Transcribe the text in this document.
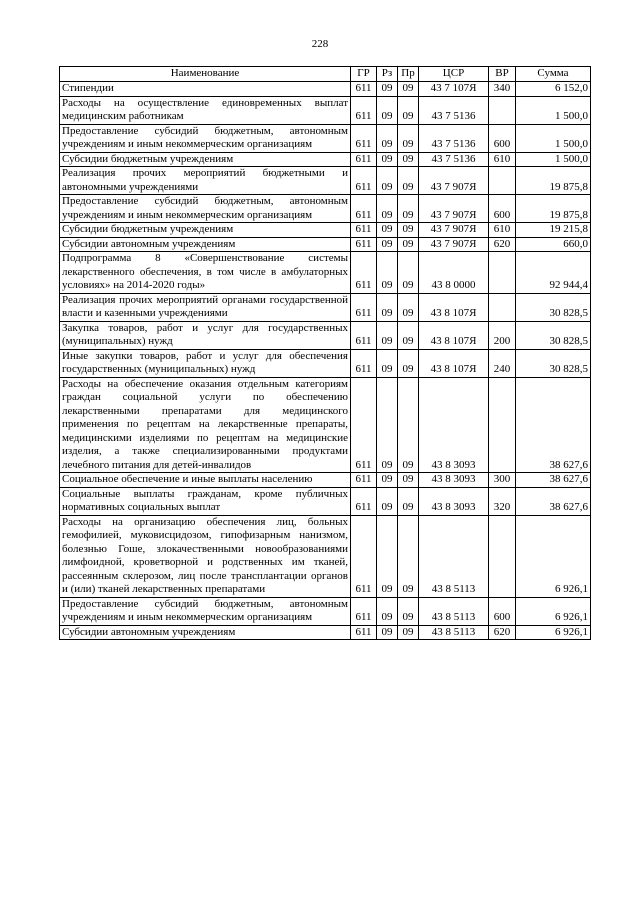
228
Наименование	ГР	Рз	Пр	ЦСР	ВР	Сумма
Стипендии	611	09	09	43 7 107Я	340	6 152,0
Расходы на осуществление единовременных выплат медицинским работникам	611	09	09	43 7 5136		1 500,0
Предоставление субсидий бюджетным, автономным учреждениям и иным некоммерческим организациям	611	09	09	43 7 5136	600	1 500,0
Субсидии бюджетным учреждениям	611	09	09	43 7 5136	610	1 500,0
Реализация прочих мероприятий бюджетными и автономными учреждениями	611	09	09	43 7 907Я		19 875,8
Предоставление субсидий бюджетным, автономным учреждениям и иным некоммерческим организациям	611	09	09	43 7 907Я	600	19 875,8
Субсидии бюджетным учреждениям	611	09	09	43 7 907Я	610	19 215,8
Субсидии автономным учреждениям	611	09	09	43 7 907Я	620	660,0
Подпрограмма 8 «Совершенствование системы лекарственного обеспечения, в том числе в амбулаторных условиях» на 2014-2020 годы»	611	09	09	43 8 0000		92 944,4
Реализация прочих мероприятий органами государственной власти и казенными учреждениями	611	09	09	43 8 107Я		30 828,5
Закупка товаров, работ и услуг для государственных (муниципальных) нужд	611	09	09	43 8 107Я	200	30 828,5
Иные закупки товаров, работ и услуг для обеспечения государственных (муниципальных) нужд	611	09	09	43 8 107Я	240	30 828,5
Расходы на обеспечение оказания отдельным категориям граждан социальной услуги по обеспечению лекарственными препаратами для медицинского применения по рецептам на лекарственные препараты, медицинскими изделиями по рецептам на медицинские изделия, а также специализированными продуктами лечебного питания для детей-инвалидов	611	09	09	43 8 3093		38 627,6
Социальное обеспечение и иные выплаты населению	611	09	09	43 8 3093	300	38 627,6
Социальные выплаты гражданам, кроме публичных нормативных социальных выплат	611	09	09	43 8 3093	320	38 627,6
Расходы на организацию обеспечения лиц, больных гемофилией, муковисцидозом, гипофизарным нанизмом, болезнью Гоше, злокачественными новообразованиями лимфоидной, кроветворной и родственных им тканей, рассеянным склерозом, лиц после трансплантации органов и (или) тканей лекарственных препаратами	611	09	09	43 8 5113		6 926,1
Предоставление субсидий бюджетным, автономным учреждениям и иным некоммерческим организациям	611	09	09	43 8 5113	600	6 926,1
Субсидии автономным учреждениям	611	09	09	43 8 5113	620	6 926,1
